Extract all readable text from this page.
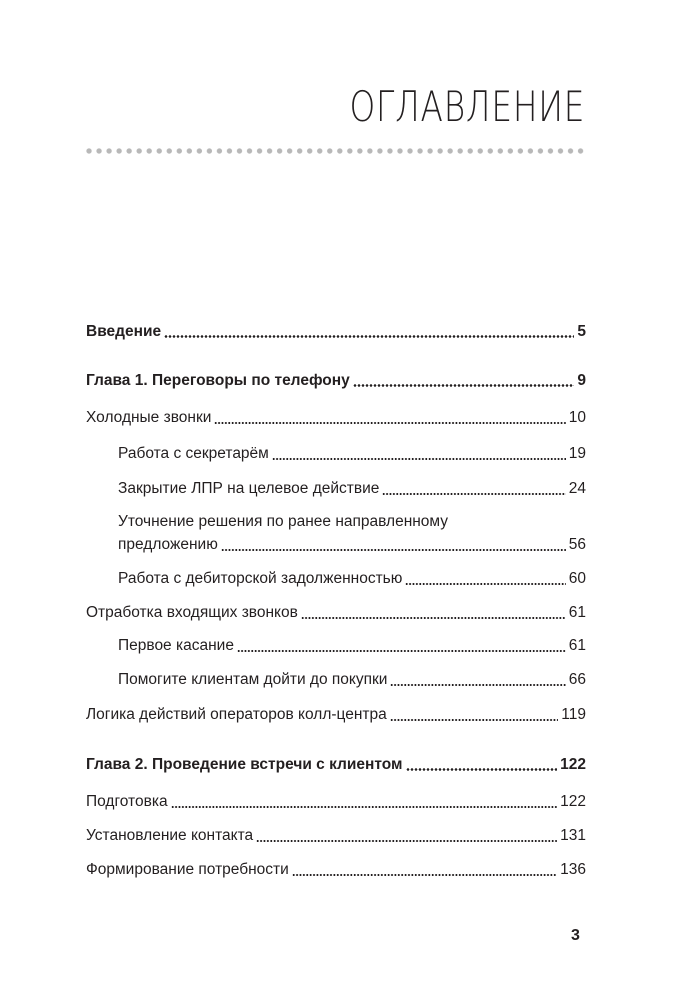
ОГЛАВЛЕНИЕ
Введение	5
Глава 1. Переговоры по телефону	9
Холодные звонки	10
Работа с секретарём	19
Закрытие ЛПР на целевое действие	24
Уточнение решения по ранее направленному
предложению	56
Работа с дебиторской задолженностью	60
Отработка входящих звонков	61
Первое касание	61
Помогите клиентам дойти до покупки	66
Логика действий операторов колл-центра	119
Глава 2. Проведение встречи с клиентом	122
Подготовка	122
Установление контакта	131
Формирование потребности	136
3
